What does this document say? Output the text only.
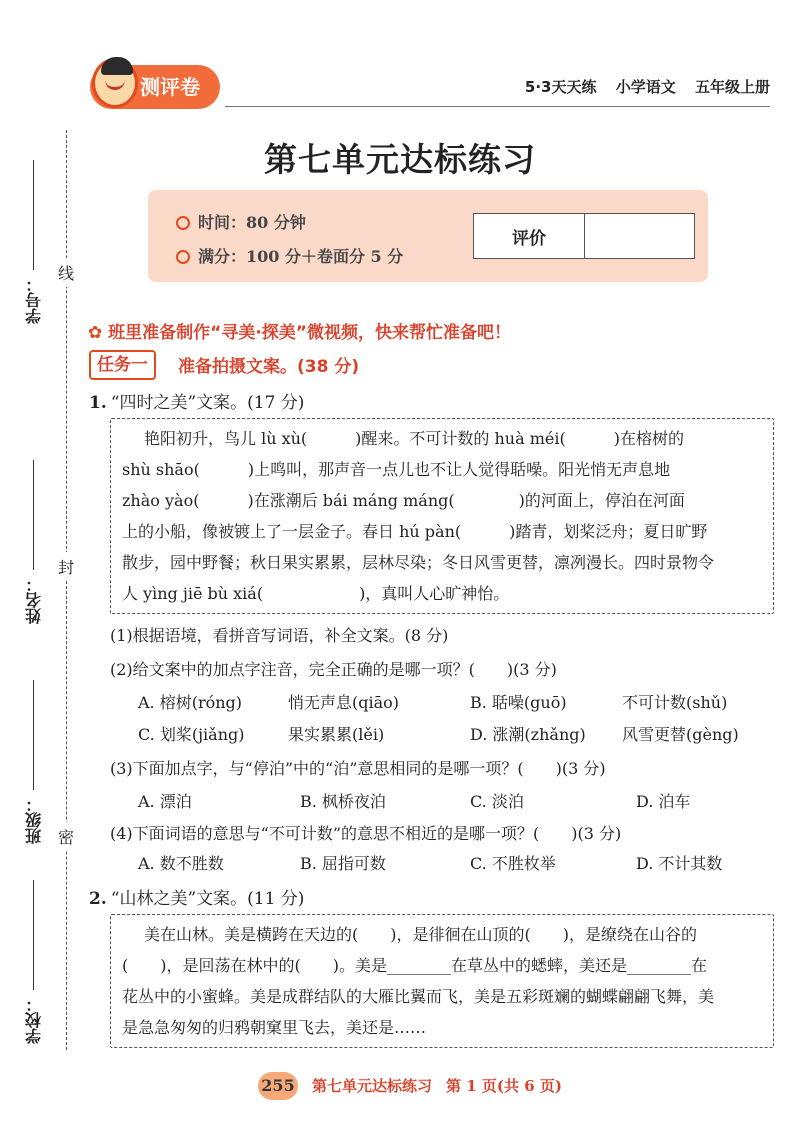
线
封
密
学号：
姓名：
班级：
学校：
测评卷	5·3天天练 小学语文 五年级上册
第七单元达标练习
时间：80 分钟
满分：100 分＋卷面分 5 分
评价
✿ 班里准备制作“寻美·探美”微视频，快来帮忙准备吧！
任务一	准备拍摄文案。(38 分)
1. “四时之美”文案。(17 分)
艳阳初升，鸟儿 lù xù(　　　)醒来。不可计数的 huà méi(　　　)在榕树的
shù shāo(　　　)上鸣叫，那声音一点儿也不让人觉得聒噪。阳光悄无声息地
zhào yào(　　　)在涨潮后 bái máng máng(　　　　)的河面上，停泊在河面
上的小船，像被镀上了一层金子。春日 hú pàn(　　　)踏青，划桨泛舟；夏日旷野
散步，园中野餐；秋日果实累累，层林尽染；冬日风雪更替，凛冽漫长。四时景物令
人 yìng jiē bù xiá(　　　　　　)，真叫人心旷神怡。
(1)根据语境，看拼音写词语，补全文案。(8 分)
(2)给文案中的加点字注音，完全正确的是哪一项？(　　)(3 分)
A. 榕树(róng)	悄无声息(qiāo)	B. 聒噪(guō)	不可计数(shǔ)
C. 划桨(jiǎng)	果实累累(lěi)	D. 涨潮(zhǎng) 风雪更替(gèng)
(3)下面加点字，与“停泊”中的“泊”意思相同的是哪一项？(　　)(3 分)
A. 漂泊	B. 枫桥夜泊	C. 淡泊	D. 泊车
(4)下面词语的意思与“不可计数”的意思不相近的是哪一项？(　　)(3 分)
A. 数不胜数	B. 屈指可数	C. 不胜枚举	D. 不计其数
2. “山林之美”文案。(11 分)
美在山林。美是横跨在天边的(　　)，是徘徊在山顶的(　　)，是缭绕在山谷的
(　　)，是回荡在林中的(　　)。美是________在草丛中的蟋蟀，美还是________在
花丛中的小蜜蜂。美是成群结队的大雁比翼而飞，美是五彩斑斓的蝴蝶翩翩飞舞，美
是急急匆匆的归鸦朝窠里飞去，美还是……
255 第七单元达标练习 第 1 页(共 6 页)
